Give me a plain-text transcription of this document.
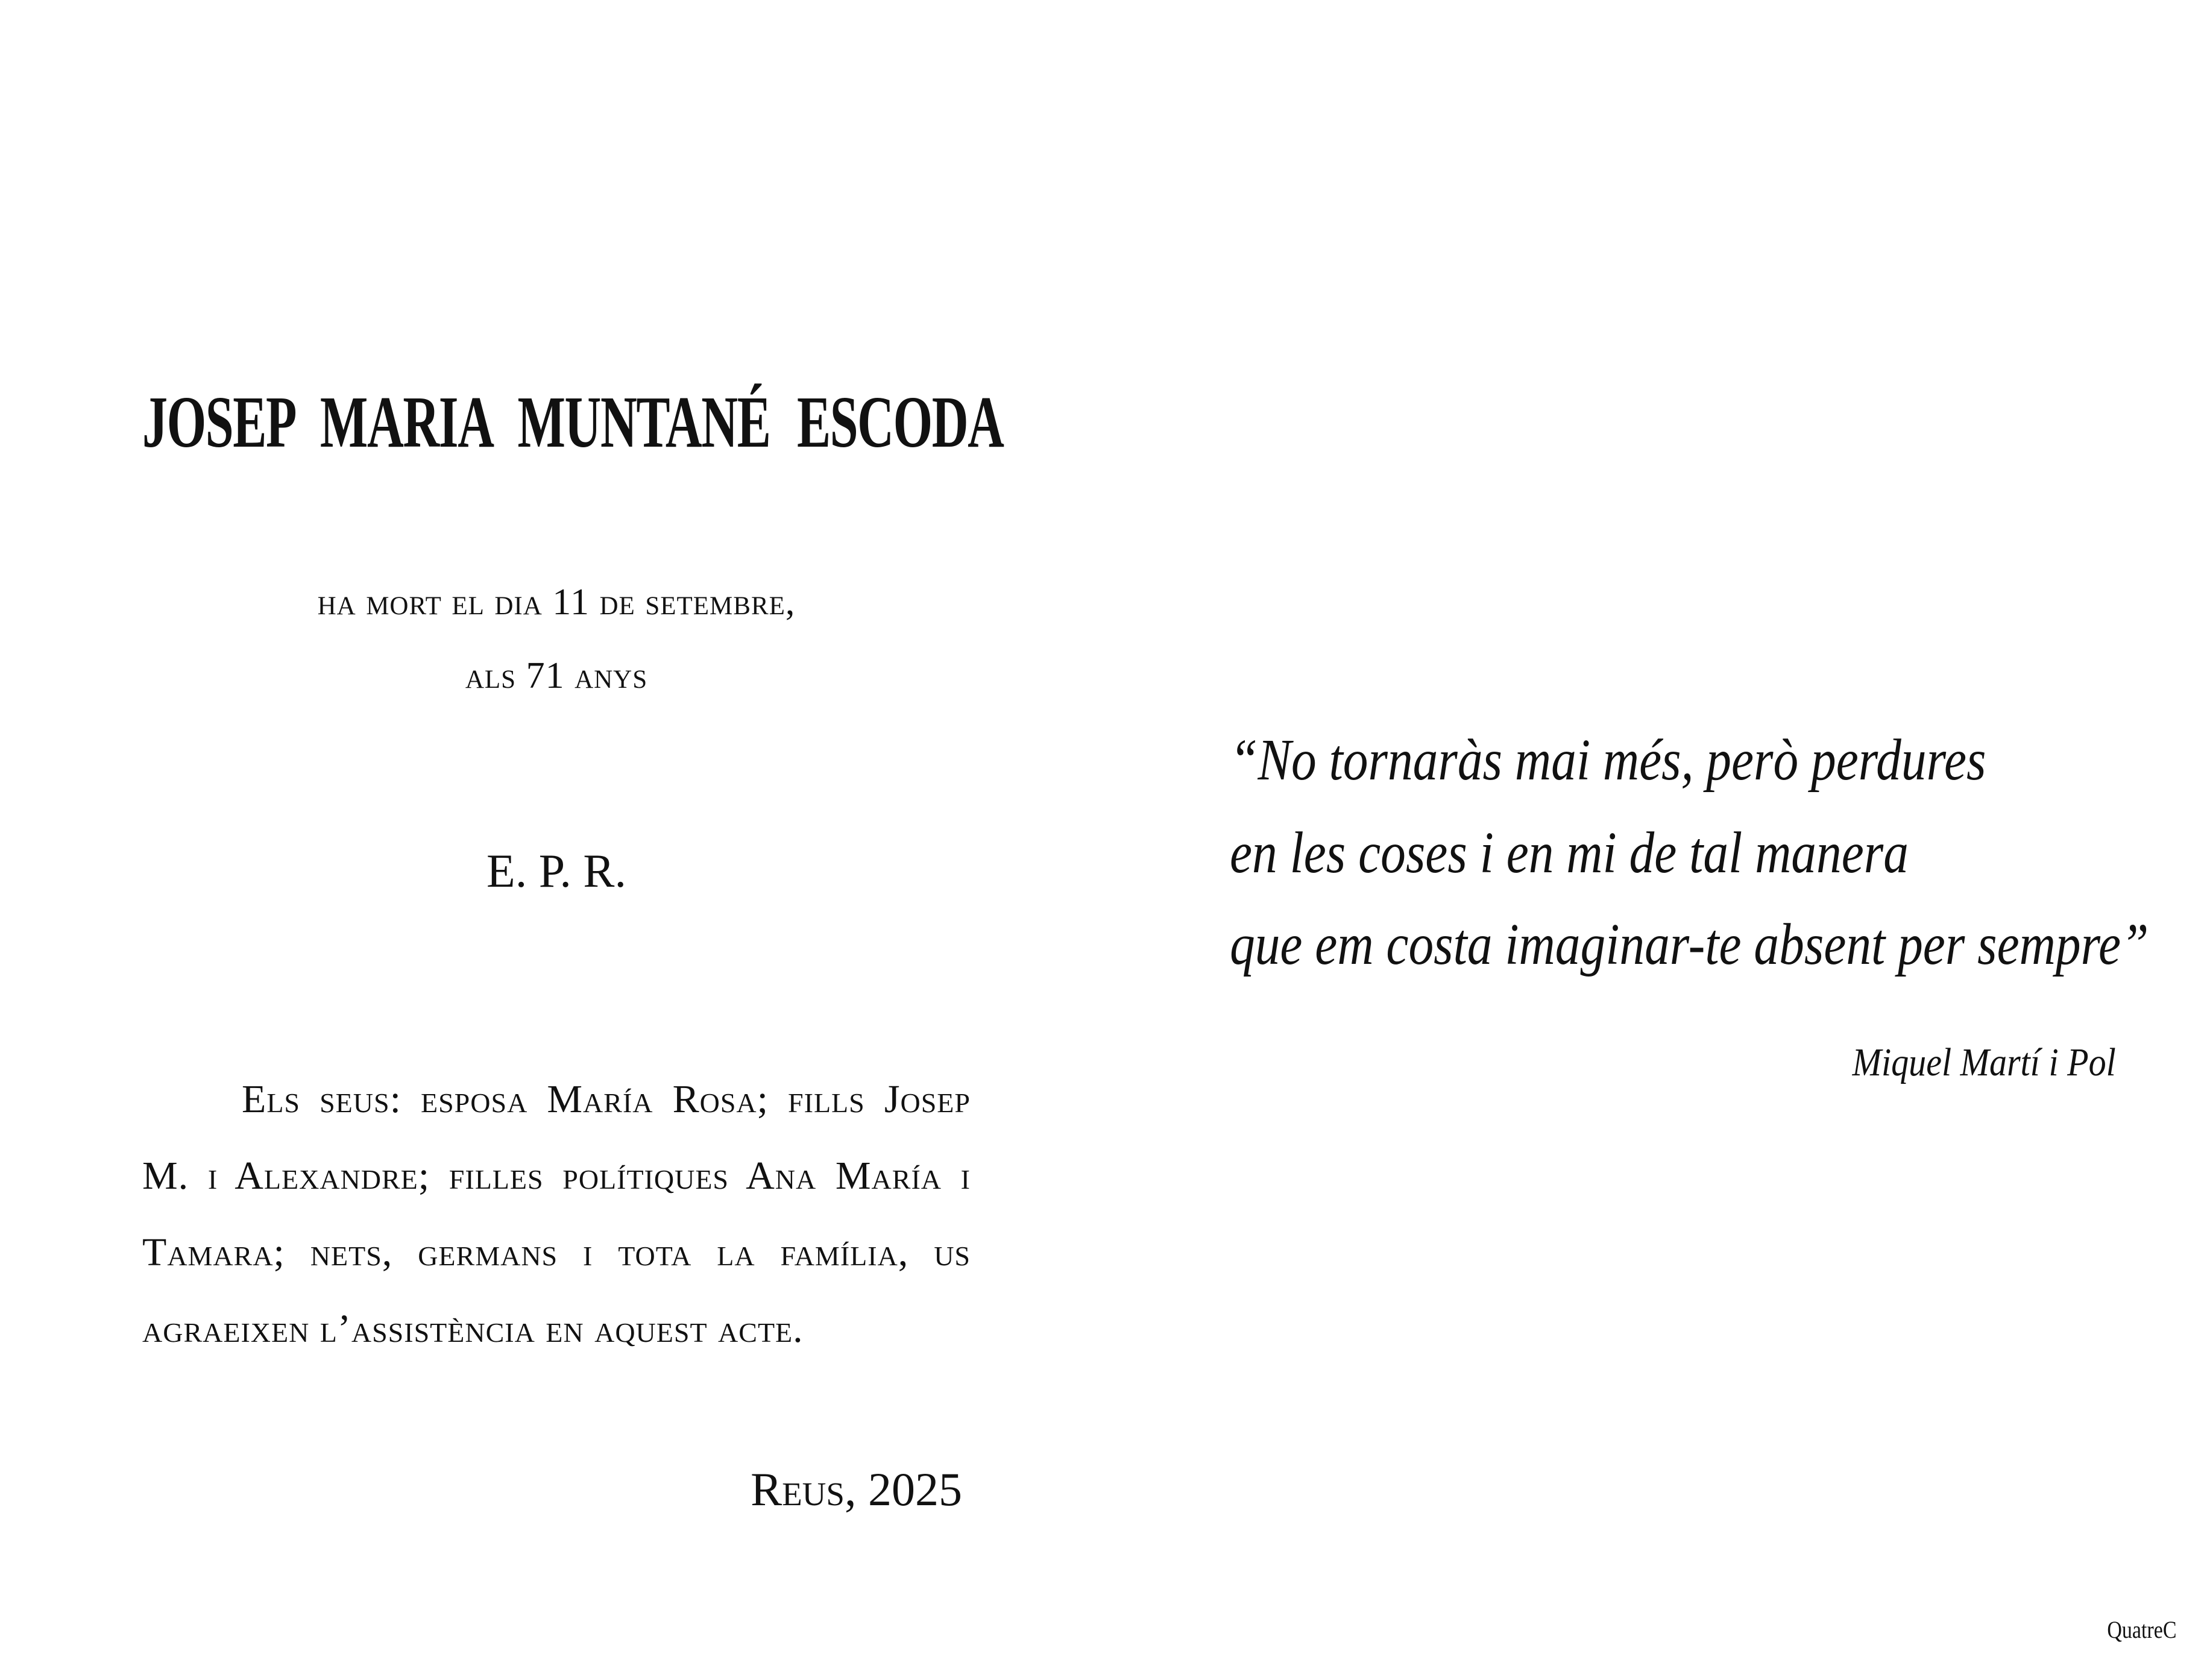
JOSEP MARIA MUNTANÉ ESCODA
ha mort el dia 11 de setembre,
als 71 anys
E. P. R.

Els seus: esposa María Rosa; fills Josep M. i Alexandre; filles polítiques Ana María i Tamara; nets, germans i tota la família, us agraeixen l’assistència en aquest acte.

Reus, 2025
“No tornaràs mai més, però perdures
en les coses i en mi de tal manera
que em costa imaginar-te absent per sempre”
Miquel Martí i Pol
QuatreC
